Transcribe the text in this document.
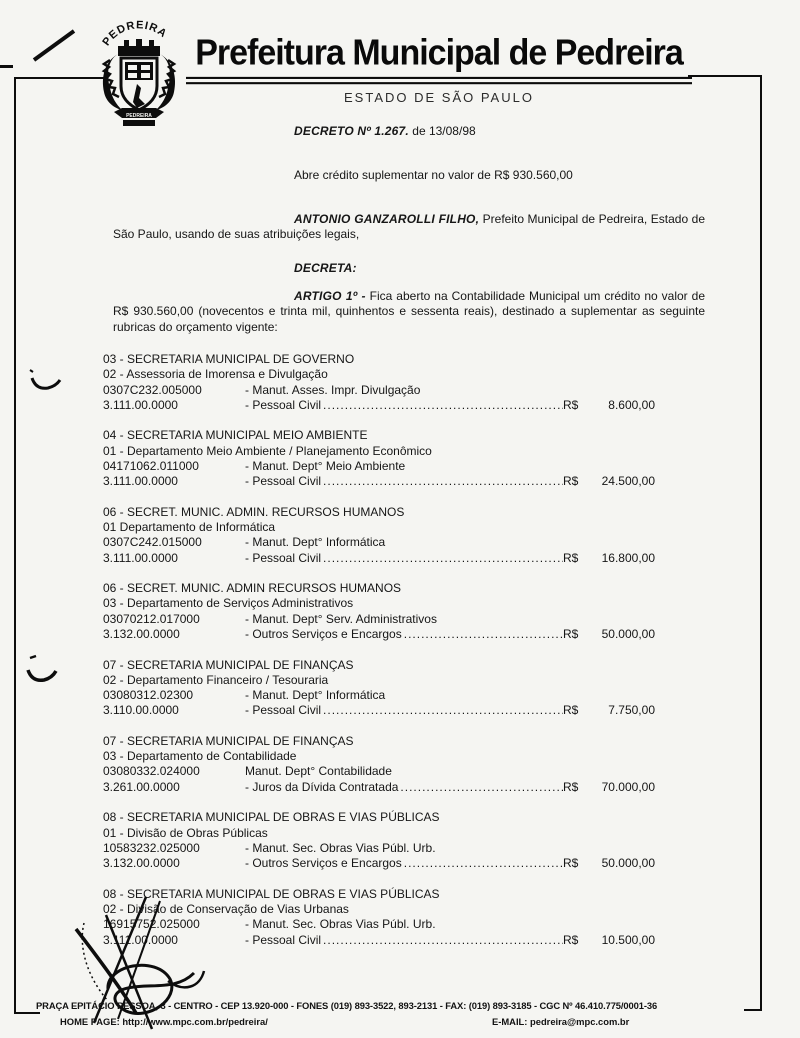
PEDREIRA
PEDREIRA
Prefeitura Municipal de Pedreira
ESTADO DE SÃO PAULO
DECRETO Nº 1.267. de 13/08/98
Abre crédito suplementar no valor de R$ 930.560,00
ANTONIO GANZAROLLI FILHO, Prefeito Municipal de Pedreira, Estado de São Paulo, usando de suas atribuições legais,
DECRETA:
ARTIGO 1º - Fica aberto na Contabilidade Municipal um crédito no valor de R$ 930.560,00 (novecentos e trinta mil, quinhentos e sessenta reais), destinado a suplementar as seguinte rubricas do orçamento vigente:
03 - SECRETARIA MUNICIPAL DE GOVERNO
02 - Assessoria de Imorensa e Divulgação
0307C232.005000	- Manut. Asses. Impr. Divulgação
3.111.00.0000	- Pessoal Civil .....	R$	8.600,00
04 - SECRETARIA MUNICIPAL MEIO AMBIENTE
01 - Departamento Meio Ambiente / Planejamento Econômico
04171062.011000	- Manut. Dept° Meio Ambiente
3.111.00.0000	- Pessoal Civil .....	R$	24.500,00
06 - SECRET. MUNIC. ADMIN. RECURSOS HUMANOS
01 Departamento de Informática
0307C242.015000	- Manut. Dept° Informática
3.111.00.0000	- Pessoal Civil .....	R$	16.800,00
06 - SECRET. MUNIC. ADMIN RECURSOS HUMANOS
03 - Departamento de Serviços Administrativos
03070212.017000	- Manut. Dept° Serv. Administrativos
3.132.00.0000	- Outros Serviços e Encargos .....	R$	50.000,00
07 - SECRETARIA MUNICIPAL DE FINANÇAS
02 - Departamento Financeiro / Tesouraria
03080312.02300	- Manut. Dept° Informática
3.110.00.0000	- Pessoal Civil .....	R$	7.750,00
07 - SECRETARIA MUNICIPAL DE FINANÇAS
03 - Departamento de Contabilidade
03080332.024000	Manut. Dept° Contabilidade
3.261.00.0000	- Juros da Dívida Contratada .....	R$	70.000,00
08 - SECRETARIA MUNICIPAL DE OBRAS E VIAS PÚBLICAS
01 - Divisão de Obras Públicas
10583232.025000	- Manut. Sec. Obras Vias Públ. Urb.
3.132.00.0000	- Outros Serviços e Encargos .....	R$	50.000,00
08 - SECRETARIA MUNICIPAL DE OBRAS E VIAS PÚBLICAS
02 - Divisão de Conservação de Vias Urbanas
16915752.025000	- Manut. Sec. Obras Vias Públ. Urb.
3.111.00.0000	- Pessoal Civil .....	R$	10.500,00
PRAÇA EPITÁCIO PESSOA, 3 - CENTRO - CEP 13.920-000 - FONES (019) 893-3522, 893-2131 - FAX: (019) 893-3185 - CGC Nº 46.410.775/0001-36
HOME PAGE: http://www.mpc.com.br/pedreira/	E-MAIL: pedreira@mpc.com.br
